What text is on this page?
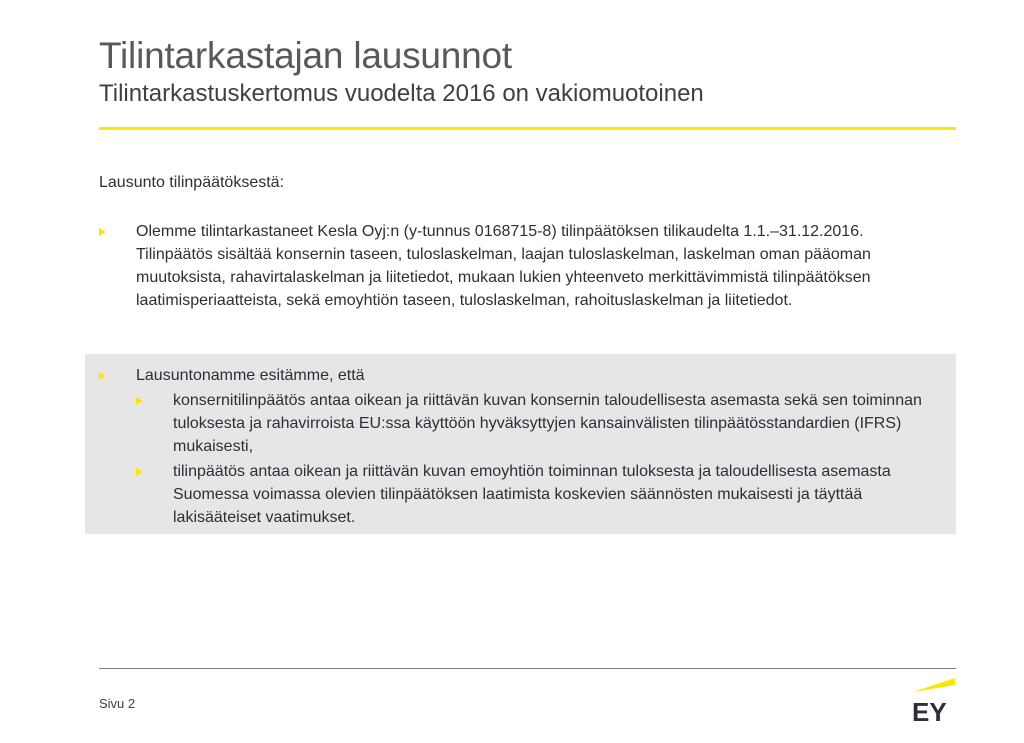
Tilintarkastajan lausunnot
Tilintarkastuskertomus vuodelta 2016 on vakiomuotoinen

Lausunto tilinpäätöksestä:

Olemme tilintarkastaneet Kesla Oyj:n (y-tunnus 0168715-8) tilinpäätöksen tilikaudelta 1.1.–31.12.2016. Tilinpäätös sisältää konsernin taseen, tuloslaskelman, laajan tuloslaskelman, laskelman oman pääoman muutoksista, rahavirtalaskelman ja liitetiedot, mukaan lukien yhteenveto merkittävimmistä tilinpäätöksen laatimisperiaatteista, sekä emoyhtiön taseen, tuloslaskelman, rahoituslaskelman ja liitetiedot.

Lausuntonamme esitämme, että

konsernitilinpäätös antaa oikean ja riittävän kuvan konsernin taloudellisesta asemasta sekä sen toiminnan tuloksesta ja rahavirroista EU:ssa käyttöön hyväksyttyjen kansainvälisten tilinpäätösstandardien (IFRS) mukaisesti,

tilinpäätös antaa oikean ja riittävän kuvan emoyhtiön toiminnan tuloksesta ja taloudellisesta asemasta Suomessa voimassa olevien tilinpäätöksen laatimista koskevien säännösten mukaisesti ja täyttää lakisääteiset vaatimukset.

Sivu 2	EY
